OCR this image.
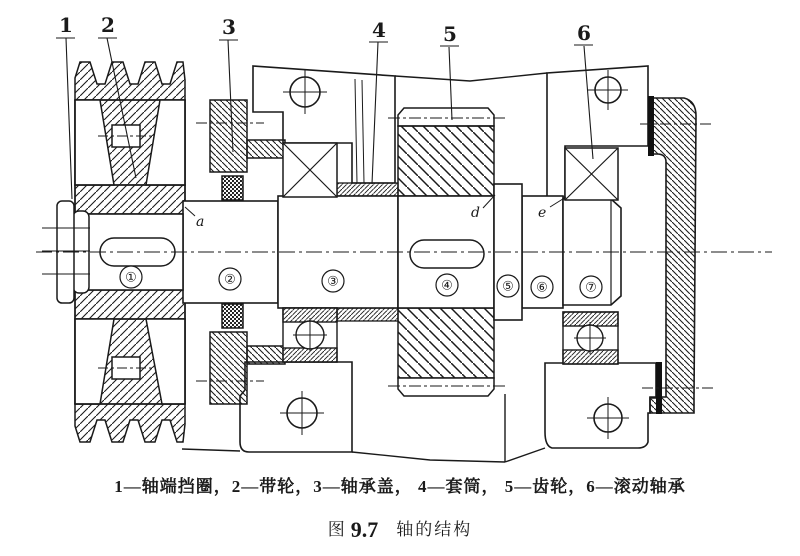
①	②	③	④	⑤ ⑥	⑦
a
d	e
1 2	3	4	5	6
1—轴端挡圈，2—带轮，3—轴承盖， 4—套筒， 5—齿轮，6—滚动轴承
图 9.7 轴的结构
